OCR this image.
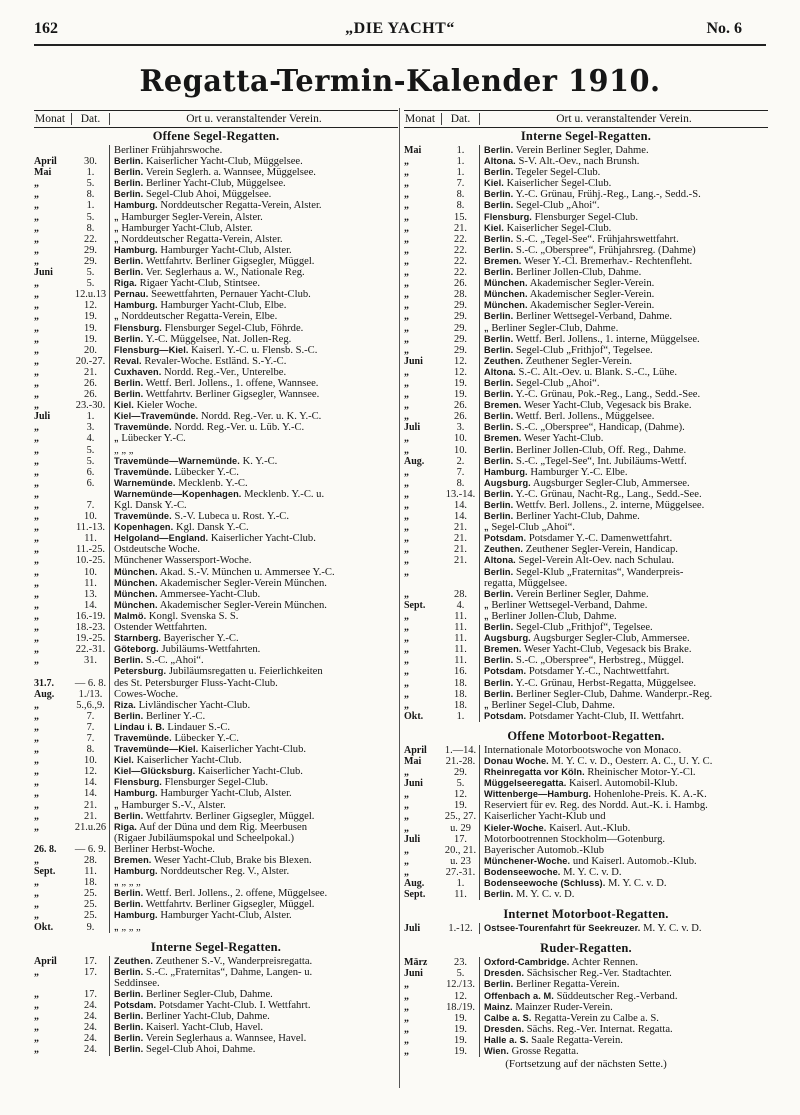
162	„DIE YACHT“	No. 6
Regatta-Termin-Kalender 1910.
Monat	Dat.	Ort u. veranstaltender Verein.
Offene Segel-Regatten.
Berliner Frühjahrswoche.
April	30.	Berlin. Kaiserlicher Yacht-Club, Müggelsee.
Mai	1.	Berlin. Verein Seglerh. a. Wannsee, Müggelsee.
„	5.	Berlin. Berliner Yacht-Club, Müggelsee.
„	8.	Berlin. Segel-Club Ahoi, Müggelsee.
„	1.	Hamburg. Norddeutscher Regatta-Verein, Alster.
„	5.	„ Hamburger Segler-Verein, Alster.
„	8.	„ Hamburger Yacht-Club, Alster.
„	22.	„ Norddeutscher Regatta-Verein, Alster.
„	29.	Hamburg. Hamburger Yacht-Club, Alster.
„	29.	Berlin. Wettfahrtv. Berliner Gigsegler, Müggel.
Juni	5.	Berlin. Ver. Seglerhaus a. W., Nationale Reg.
„	5.	Riga. Rigaer Yacht-Club, Stintsee.
„	12.u.13 Pernau. Seewettfahrten, Pernauer Yacht-Club.
„	12.	Hamburg. Hamburger Yacht-Club, Elbe.
„	19.	„ Norddeutscher Regatta-Verein, Elbe.
„	19.	Flensburg. Flensburger Segel-Club, Föhrde.
„	19.	Berlin. Y.-C. Müggelsee, Nat. Jollen-Reg.
„	20.	Flensburg—Kiel. Kaiserl. Y.-C. u. Flensb. S.-C.
„	20.-27. Reval. Revaler-Woche. Estländ. S.-Y.-C.
„	21.	Cuxhaven. Nordd. Reg.-Ver., Unterelbe.
„	26.	Berlin. Wettf. Berl. Jollens., 1. offene, Wannsee.
„	26.	Berlin. Wettfahrtv. Berliner Gigsegler, Wannsee.
„	23.-30. Kiel. Kieler Woche.
Juli	1.	Kiel—Travemünde. Nordd. Reg.-Ver. u. K. Y.-C.
„	3.	Travemünde. Nordd. Reg.-Ver. u. Lüb. Y.-C.
„	4.	„ Lübecker Y.-C.
„	5.	„ „ „
„	5.	Travemünde—Warnemünde. K. Y.-C.
„	6.	Travemünde. Lübecker Y.-C.
„	6.	Warnemünde. Mecklenb. Y.-C.
„	Warnemünde—Kopenhagen. Mecklenb. Y.-C. u.
„	7.	Kgl. Dansk Y.-C.
„	10.	Travemünde. S.-V. Lubeca u. Rost. Y.-C.
„	11.-13. Kopenhagen. Kgl. Dansk Y.-C.
„	11.	Helgoland—England. Kaiserlicher Yacht-Club.
„	11.-25. Ostdeutsche Woche.
„	10.-25. Münchener Wassersport-Woche.
„	10.	München. Akad. S.-V. München u. Ammersee Y.-C.
„	11.	München. Akademischer Segler-Verein München.
„	13.	München. Ammersee-Yacht-Club.
„	14.	München. Akademischer Segler-Verein München.
„	16.-19. Malmö. Kongl. Svenska S. S.
„	18.-23. Ostender Wettfahrten.
„	19.-25. Starnberg. Bayerischer Y.-C.
„	22.-31. Göteborg. Jubiläums-Wettfahrten.
„	31.	Berlin. S.-C. „Ahoi“.
Petersburg. Jubiläumsregatten u. Feierlichkeiten
31.7.	— 6. 8. des St. Petersburger Fluss-Yacht-Club.
Aug.	1./13.	Cowes-Woche.
„	5.,6.,9.	Riza. Livländischer Yacht-Club.
„	7.	Berlin. Berliner Y.-C.
„	7.	Lindau i. B. Lindauer S.-C.
„	7.	Travemünde. Lübecker Y.-C.
„	8.	Travemünde—Kiel. Kaiserlicher Yacht-Club.
„	10.	Kiel. Kaiserlicher Yacht-Club.
„	12.	Kiel—Glücksburg. Kaiserlicher Yacht-Club.
„	14.	Flensburg. Flensburger Segel-Club.
„	14.	Hamburg. Hamburger Yacht-Club, Alster.
„	21.	„ Hamburger S.-V., Alster.
„	21.	Berlin. Wettfahrtv. Berliner Gigsegler, Müggel.
„	21.u.26 Riga. Auf der Düna und dem Rig. Meerbusen
(Rigaer Jubiläumspokal und Scheelpokal.)
26. 8.	— 6. 9. Berliner Herbst-Woche.
„	28.	Bremen. Weser Yacht-Club, Brake bis Blexen.
Sept.	11.	Hamburg. Norddeutscher Reg. V., Alster.
„	18.	„ „ „ „
„	25.	Berlin. Wettf. Berl. Jollens., 2. offene, Müggelsee.
„	25.	Berlin. Wettfahrtv. Berliner Gigsegler, Müggel.
„	25.	Hamburg. Hamburger Yacht-Club, Alster.
Okt.	9.	„ „ „ „
Interne Segel-Regatten.
April	17.	Zeuthen. Zeuthener S.-V., Wanderpreisregatta.
„	17.	Berlin. S.-C. „Fraternitas“, Dahme, Langen- u.
Seddinsee.
„	17.	Berlin. Berliner Segler-Club, Dahme.
„	24.	Potsdam. Potsdamer Yacht-Club. I. Wettfahrt.
„	24.	Berlin. Berliner Yacht-Club, Dahme.
„	24.	Berlin. Kaiserl. Yacht-Club, Havel.
„	24.	Berlin. Verein Seglerhaus a. Wannsee, Havel.
„	24.	Berlin. Segel-Club Ahoi, Dahme.
Monat	Dat.	Ort u. veranstaltender Verein.
Interne Segel-Regatten.
Mai	1.	Berlin. Verein Berliner Segler, Dahme.
„	1.	Altona. S-V. Alt.-Oev., nach Brunsh.
„	1.	Berlin. Tegeler Segel-Club.
„	7.	Kiel. Kaiserlicher Segel-Club.
„	8.	Berlin. Y.-C. Grünau, Frühj.-Reg., Lang.-, Sedd.-S.
„	8.	Berlin. Segel-Club „Ahoi“.
„	15.	Flensburg. Flensburger Segel-Club.
„	21.	Kiel. Kaiserlicher Segel-Club.
„	22.	Berlin. S.-C. „Tegel-See“. Frühjahrswettfahrt.
„	22.	Berlin. S.-C. „Oberspree“, Frühjahrsreg. (Dahme)
„	22.	Bremen. Weser Y.-Cl. Bremerhav.- Rechtenfleht.
„	22.	Berlin. Berliner Jollen-Club, Dahme.
„	26.	München. Akademischer Segler-Verein.
„	28.	München. Akademischer Segler-Verein.
„	29.	München. Akademischer Segler-Verein.
„	29.	Berlin. Berliner Wettsegel-Verband, Dahme.
„	29.	„ Berliner Segler-Club, Dahme.
„	29.	Berlin. Wettf. Berl. Jollens., 1. interne, Müggelsee.
„	29.	Berlin. Segel-Club „Frithjof“, Tegelsee.
Juni	12.	Zeuthen. Zeuthener Segler-Verein.
„	12.	Altona. S.-C. Alt.-Oev. u. Blank. S.-C., Lühe.
„	19.	Berlin. Segel-Club „Ahoi“.
„	19.	Berlin. Y.-C. Grünau, Pok.-Reg., Lang., Sedd.-See.
„	26.	Bremen. Weser Yacht-Club, Vegesack bis Brake.
„	26.	Berlin. Wettf. Berl. Jollens., Müggelsee.
Juli	3.	Berlin. S.-C. „Oberspree“, Handicap, (Dahme).
„	10.	Bremen. Weser Yacht-Club.
„	10.	Berlin. Berliner Jollen-Club, Off. Reg., Dahme.
Aug.	2.	Berlin. S.-C. „Tegel-See“, Int. Jubiläums-Wettf.
„	7.	Hamburg. Hamburger Y.-C. Elbe.
„	8.	Augsburg. Augsburger Segler-Club, Ammersee.
„	13.-14. Berlin. Y.-C. Grünau, Nacht-Rg., Lang., Sedd.-See.
„	14.	Berlin. Wettfv. Berl. Jollens., 2. interne, Müggelsee.
„	14.	Berlin. Berliner Yacht-Club, Dahme.
„	21.	„ Segel-Club „Ahoi“.
„	21.	Potsdam. Potsdamer Y.-C. Damenwettfahrt.
„	21.	Zeuthen. Zeuthener Segler-Verein, Handicap.
„	21.	Altona. Segel-Verein Alt-Oev. nach Schulau.
„	Berlin. Segel-Klub „Fraternitas“, Wanderpreis-
regatta, Müggelsee.
„	28.	Berlin. Verein Berliner Segler, Dahme.
Sept.	4.	„ Berliner Wettsegel-Verband, Dahme.
„	11.	„ Berliner Jollen-Club, Dahme.
„	11.	Berlin. Segel-Club „Frithjof“, Tegelsee.
„	11.	Augsburg. Augsburger Segler-Club, Ammersee.
„	11.	Bremen. Weser Yacht-Club, Vegesack bis Brake.
„	11.	Berlin. S.-C. „Oberspree“, Herbstreg., Müggel.
„	16.	Potsdam. Potsdamer Y.-C., Nachtwettfahrt.
„	18.	Berlin. Y.-C. Grünau, Herbst-Regatta, Müggelsee.
„	18.	Berlin. Berliner Segler-Club, Dahme. Wanderpr.-Reg.
„	18.	„ Berliner Segel-Club, Dahme.
Okt.	1.	Potsdam. Potsdamer Yacht-Club, II. Wettfahrt.
Offene Motorboot-Regatten.
April	1.—14. Internationale Motorbootswoche von Monaco.
Mai	21.-28. Donau Woche. M. Y. C. v. D., Oesterr. A. C., U. Y. C.
„	29.	Rheinregatta vor Köln. Rheinischer Motor-Y.-Cl.
Juni	5.	Müggelseeregatta. Kaiserl. Automobil-Klub.
„	12.	Wittenberge—Hamburg. Hohenlohe-Preis. K. A.-K.
„	19.	Reserviert für ev. Reg. des Nordd. Aut.-K. i. Hambg.
„	25., 27. Kaiserlicher Yacht-Klub und
„	u. 29	Kieler-Woche. Kaiserl. Aut.-Klub.
Juli	17.	Motorbootrennen Stockholm—Gotenburg.
„	20., 21. Bayerischer Automob.-Klub
„	u. 23	Münchener-Woche. und Kaiserl. Automob.-Klub.
„	27.-31. Bodenseewoche. M. Y. C. v. D.
Aug.	1.	Bodenseewoche (Schluss). M. Y. C. v. D.
Sept.	11.	Berlin. M. Y. C. v. D.
Internet Motorboot-Regatten.
Juli	1.-12.	Ostsee-Tourenfahrt für Seekreuzer. M. Y. C. v. D.
Ruder-Regatten.
März	23.	Oxford-Cambridge. Achter Rennen.
Juni	5.	Dresden. Sächsischer Reg.-Ver. Stadtachter.
„	12./13. Berlin. Berliner Regatta-Verein.
„	12.	Offenbach a. M. Süddeutscher Reg.-Verband.
„	18./19. Mainz. Mainzer Ruder-Verein.
„	19.	Calbe a. S. Regatta-Verein zu Calbe a. S.
„	19.	Dresden. Sächs. Reg.-Ver. Internat. Regatta.
„	19.	Halle a. S. Saale Regatta-Verein.
„	19.	Wien. Grosse Regatta.
(Fortsetzung auf der nächsten Sette.)
